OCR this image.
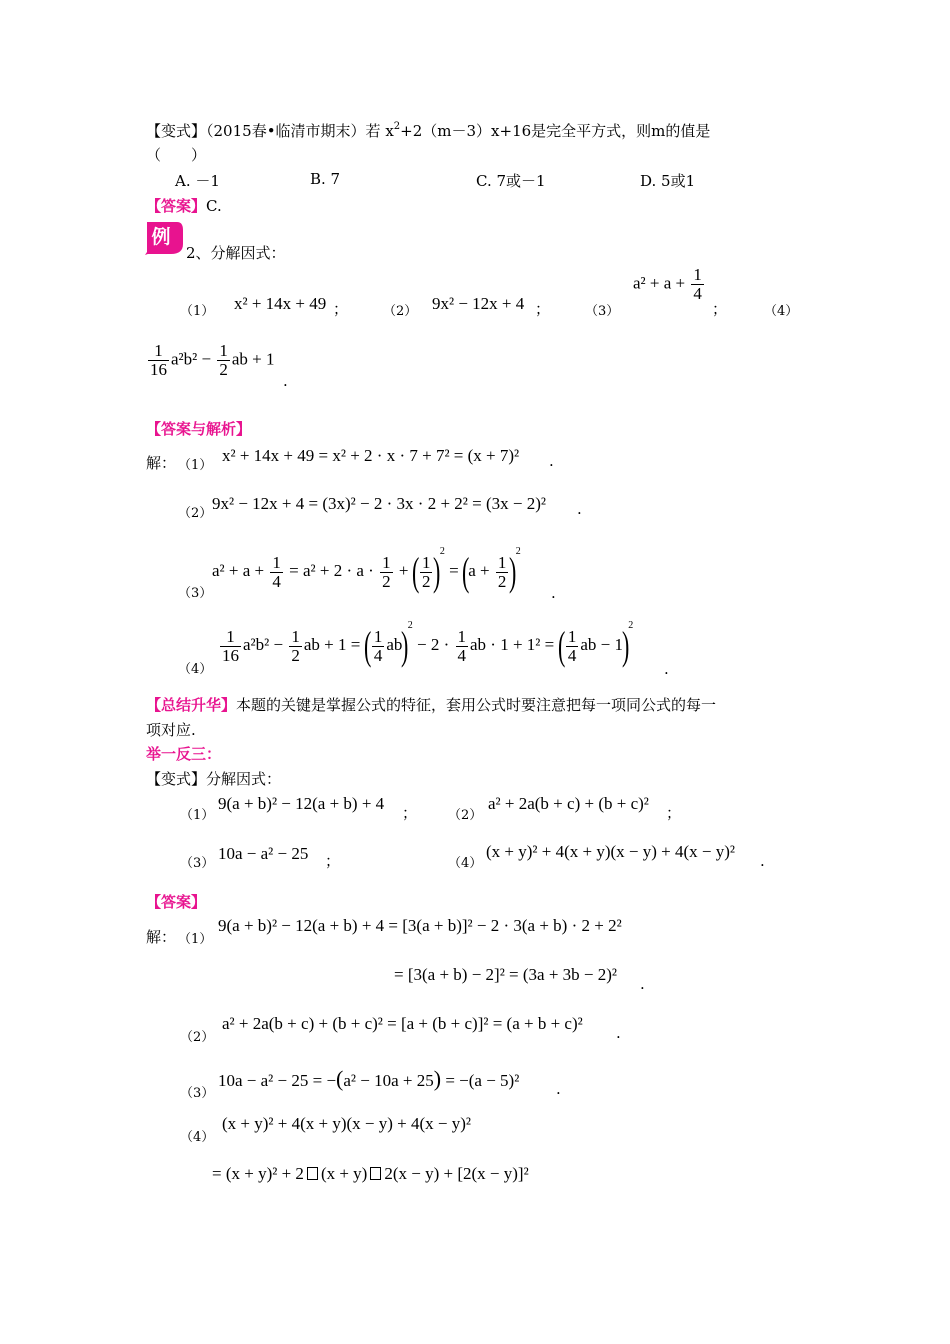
【变式】（2015春•临清市期末）若 $x^2+2(m-3)x+16$是完全平方式，则m的值是
（　　）
A. －1	B. 7	C. 7或－1	D. 5或1
【答案】C.
例
2、分解因式：
（1） x² + 14x + 49 ；	（2） 9x² − 12x + 4 ；	（3）
$a^2 + a + \frac{1}{4}$
；	（4）
$\frac{1}{16} a^2b^2 - \frac{1}{2}$ ab + 1
.
【答案与解析】
解： （1）
x² + 14x + 49 = x² + 2 · x · 7 + 7² = (x + 7)² .
（2）
9x² − 12x + 4 = (3x)² − 2 · 3x · 2 + 2² = (3x − 2)² .
（3）
$a^2 + a + \frac{1}{4} = a^2 + 2 \cdot a \cdot \frac{1}{2}$ + ( $\frac{1}{2} )^2 = (a + \frac{1}{2} )^2$
.
（4）
$\frac{1}{16} a^2b^2 - \frac{1}{2}$ ab + 1 = ( $\frac{1}{4} ab)^2 - 2 \cdot \frac{1}{4}$ ab · 1 + 1² = ( $\frac{1}{4}$ ab − 1)$^2$
.
【总结升华】本题的关键是掌握公式的特征，套用公式时要注意把每一项同公式的每一
项对应.
举一反三：
【变式】分解因式：
（1）
9(a + b)² − 12(a + b) + 4 ； （2）
a² + 2a(b + c) + (b + c)² ；
（3）
10a − a² − 25 ；	（4）
(x + y)² + 4(x + y)(x − y) + 4(x − y)² .
【答案】
解： （1）
9(a + b)² − 12(a + b) + 4 = [3(a + b)]² − 2 · 3(a + b) · 2 + 2²
= [3(a + b) − 2]² = (3a + 3b − 2)² .
（2）
a² + 2a(b + c) + (b + c)² = [a + (b + c)]² = (a + b + c)² .
（3）
10a − a² − 25 = −(a² − 10a + 25) = −(a − 5)² .
（4）
(x + y)² + 4(x + y)(x − y) + 4(x − y)²
= (x + y)² + 2 (x + y) 2(x − y) + [2(x − y)]²
